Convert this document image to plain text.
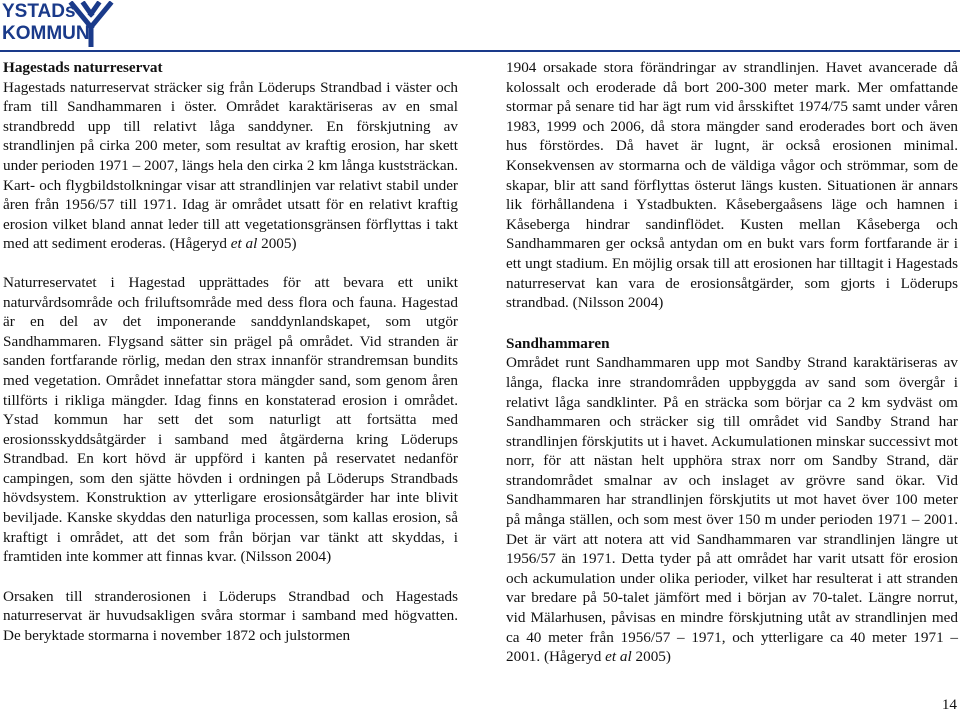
YSTADs
KOMMUN

Hagestads naturreservat

Hagestads naturreservat sträcker sig från Löderups Strandbad i väster och fram till Sandhammaren i öster. Området karaktäriseras av en smal strandbredd upp till relativt låga sanddyner. En förskjutning av strandlinjen på cirka 200 meter, som resultat av kraftig erosion, har skett under perioden 1971 – 2007, längs hela den cirka 2 km långa kuststräckan. Kart- och flygbildstolkningar visar att strandlinjen var relativt stabil under åren från 1956/57 till 1971. Idag är området utsatt för en relativt kraftig erosion vilket bland annat leder till att vegetationsgränsen förflyttas i takt med att sediment eroderas. (Hågeryd et al 2005)

Naturreservatet i Hagestad upprättades för att bevara ett unikt naturvårdsområde och friluftsområde med dess flora och fauna. Hagestad är en del av det imponerande sanddynlandskapet, som utgör Sandhammaren. Flygsand sätter sin prägel på området. Vid stranden är sanden fortfarande rörlig, medan den strax innanför strandremsan bundits med vegetation. Området innefattar stora mängder sand, som genom åren tillförts i rikliga mängder. Idag finns en konstaterad erosion i området. Ystad kommun har sett det som naturligt att fortsätta med erosionsskyddsåtgärder i samband med åtgärderna kring Löderups Strandbad. En kort hövd är uppförd i kanten på reservatet nedanför campingen, som den sjätte hövden i ordningen på Löderups Strandbads hövdsystem. Konstruktion av ytterligare erosionsåtgärder har inte blivit beviljade. Kanske skyddas den naturliga processen, som kallas erosion, så kraftigt i området, att det som från början var tänkt att skyddas, i framtiden inte kommer att finnas kvar. (Nilsson 2004)

Orsaken till stranderosionen i Löderups Strandbad och Hagestads naturreservat är huvudsakligen svåra stormar i samband med högvatten. De beryktade stormarna i november 1872 och julstormen

1904 orsakade stora förändringar av strandlinjen. Havet avancerade då kolossalt och eroderade då bort 200-300 meter mark. Mer omfattande stormar på senare tid har ägt rum vid årsskiftet 1974/75 samt under våren 1983, 1999 och 2006, då stora mängder sand eroderades bort och även hus förstördes. Då havet är lugnt, är också erosionen minimal. Konsekvensen av stormarna och de väldiga vågor och strömmar, som de skapar, blir att sand förflyttas österut längs kusten. Situationen är annars lik förhållandena i Ystadbukten. Kåsebergaåsens läge och hamnen i Kåseberga hindrar sandinflödet. Kusten mellan Kåseberga och Sandhammaren ger också antydan om en bukt vars form fortfarande är i ett ungt stadium. En möjlig orsak till att erosionen har tilltagit i Hagestads naturreservat kan vara de erosionsåtgärder, som gjorts i Löderups strandbad. (Nilsson 2004)

Sandhammaren

Området runt Sandhammaren upp mot Sandby Strand karaktäriseras av långa, flacka inre strandområden uppbyggda av sand som övergår i relativt låga sandklinter. På en sträcka som börjar ca 2 km sydväst om Sandhammaren och sträcker sig till området vid Sandby Strand har strandlinjen förskjutits ut i havet. Ackumulationen minskar successivt mot norr, för att nästan helt upphöra strax norr om Sandby Strand, där strandområdet smalnar av och inslaget av grövre sand ökar. Vid Sandhammaren har strandlinjen förskjutits ut mot havet över 100 meter på många ställen, och som mest över 150 m under perioden 1971 – 2001. Det är värt att notera att vid Sandhammaren var strandlinjen längre ut 1956/57 än 1971. Detta tyder på att området har varit utsatt för erosion och ackumulation under olika perioder, vilket har resulterat i att stranden var bredare på 50-talet jämfört med i början av 70-talet. Längre norrut, vid Mälarhusen, påvisas en mindre förskjutning utåt av strandlinjen med ca 40 meter från 1956/57 – 1971, och ytterligare ca 40 meter 1971 – 2001. (Hågeryd et al 2005)

14
